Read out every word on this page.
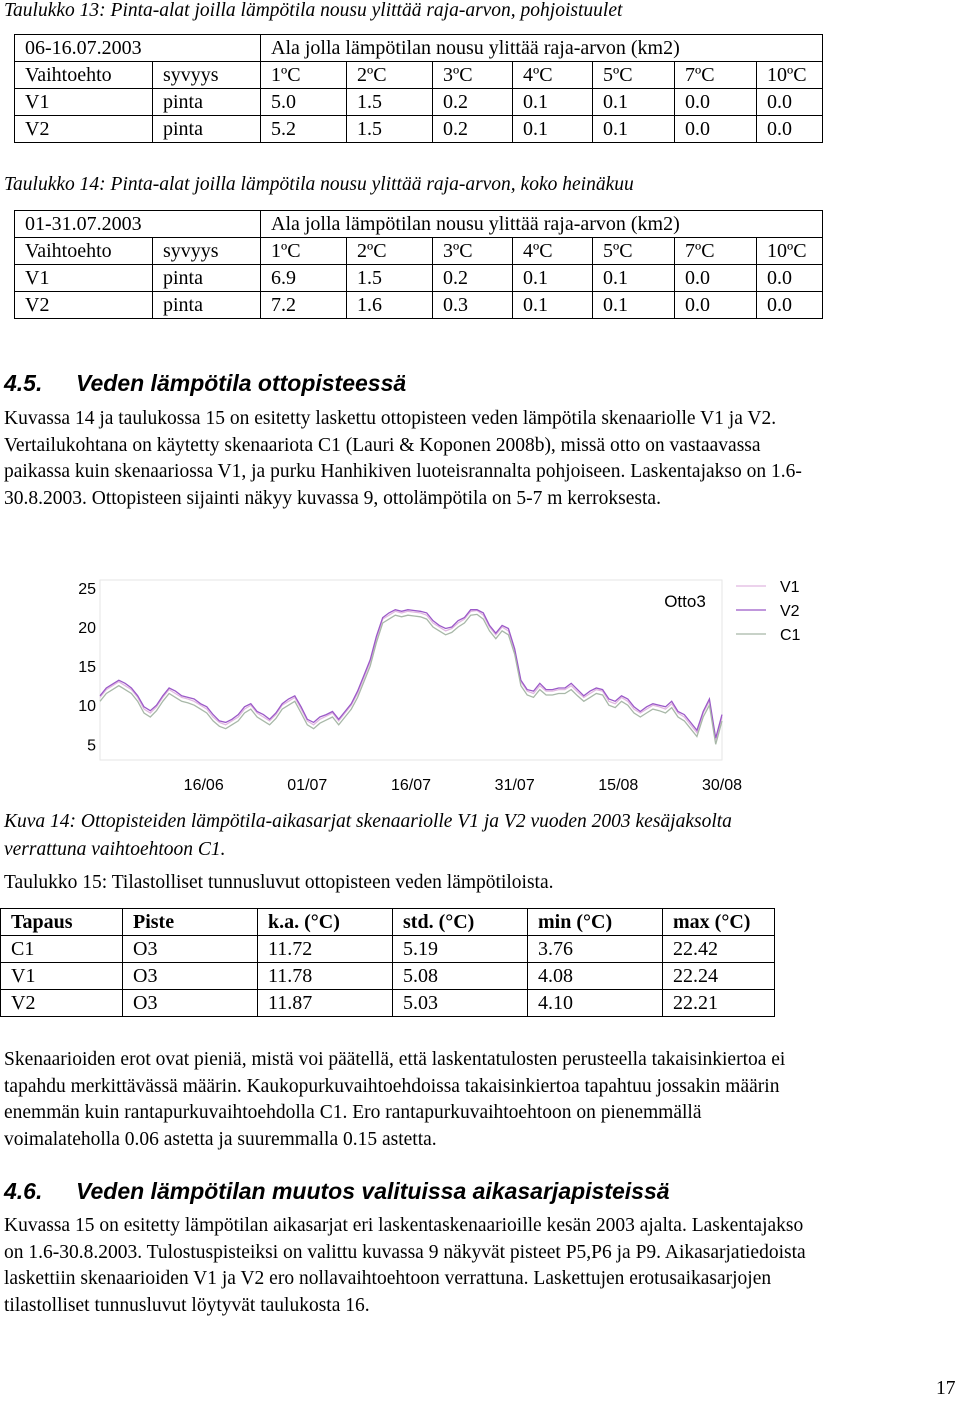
Taulukko 13: Pinta-alat joilla lämpötila nousu ylittää raja-arvon, pohjoistuulet
06-16.07.2003		Ala jolla lämpötilan nousu ylittää raja-arvon (km2)						
Vaihtoehto	syvyys	1ºC	2ºC	3ºC	4ºC	5ºC	7ºC	10ºC
V1	pinta	5.0	1.5	0.2	0.1	0.1	0.0	0.0
V2	pinta	5.2	1.5	0.2	0.1	0.1	0.0	0.0
Taulukko 14: Pinta-alat joilla lämpötila nousu ylittää raja-arvon, koko heinäkuu
01-31.07.2003		Ala jolla lämpötilan nousu ylittää raja-arvon (km2)						
Vaihtoehto	syvyys	1ºC	2ºC	3ºC	4ºC	5ºC	7ºC	10ºC
V1	pinta	6.9	1.5	0.2	0.1	0.1	0.0	0.0
V2	pinta	7.2	1.6	0.3	0.1	0.1	0.0	0.0
4.5. Veden lämpötila ottopisteessä
Kuvassa 14 ja taulukossa 15 on esitetty laskettu ottopisteen veden lämpötila skenaariolle V1 ja V2.
Vertailukohtana on käytetty skenaariota C1 (Lauri & Koponen 2008b), missä otto on vastaavassa
paikassa kuin skenaariossa V1, ja purku Hanhikiven luoteisrannalta pohjoiseen. Laskentajakso on 1.6-
30.8.2003. Ottopisteen sijainti näkyy kuvassa 9, ottolämpötila on 5-7 m kerroksesta.
25
20
15
10
5
16/06	01/07	16/07	31/07	15/08	30/08
Otto3
V1
V2
C1
Kuva 14: Ottopisteiden lämpötila-aikasarjat skenaariolle V1 ja V2 vuoden 2003 kesäjaksolta
verrattuna vaihtoehtoon C1.
Taulukko 15: Tilastolliset tunnusluvut ottopisteen veden lämpötiloista.
Tapaus	Piste	k.a. (°C)	std. (°C)	min (°C)	max (°C)
C1	O3	11.72	5.19	3.76	22.42
V1	O3	11.78	5.08	4.08	22.24
V2	O3	11.87	5.03	4.10	22.21
Skenaarioiden erot ovat pieniä, mistä voi päätellä, että laskentatulosten perusteella takaisinkiertoa ei
tapahdu merkittävässä määrin. Kaukopurkuvaihtoehdoissa takaisinkiertoa tapahtuu jossakin määrin
enemmän kuin rantapurkuvaihtoehdolla C1. Ero rantapurkuvaihtoehtoon on pienemmällä
voimalateholla 0.06 astetta ja suuremmalla 0.15 astetta.
4.6. Veden lämpötilan muutos valituissa aikasarjapisteissä
Kuvassa 15 on esitetty lämpötilan aikasarjat eri laskentaskenaarioille kesän 2003 ajalta. Laskentajakso
on 1.6-30.8.2003. Tulostuspisteiksi on valittu kuvassa 9 näkyvät pisteet P5,P6 ja P9. Aikasarjatiedoista
laskettiin skenaarioiden V1 ja V2 ero nollavaihtoehtoon verrattuna. Laskettujen erotusaikasarjojen
tilastolliset tunnusluvut löytyvät taulukosta 16.
17
